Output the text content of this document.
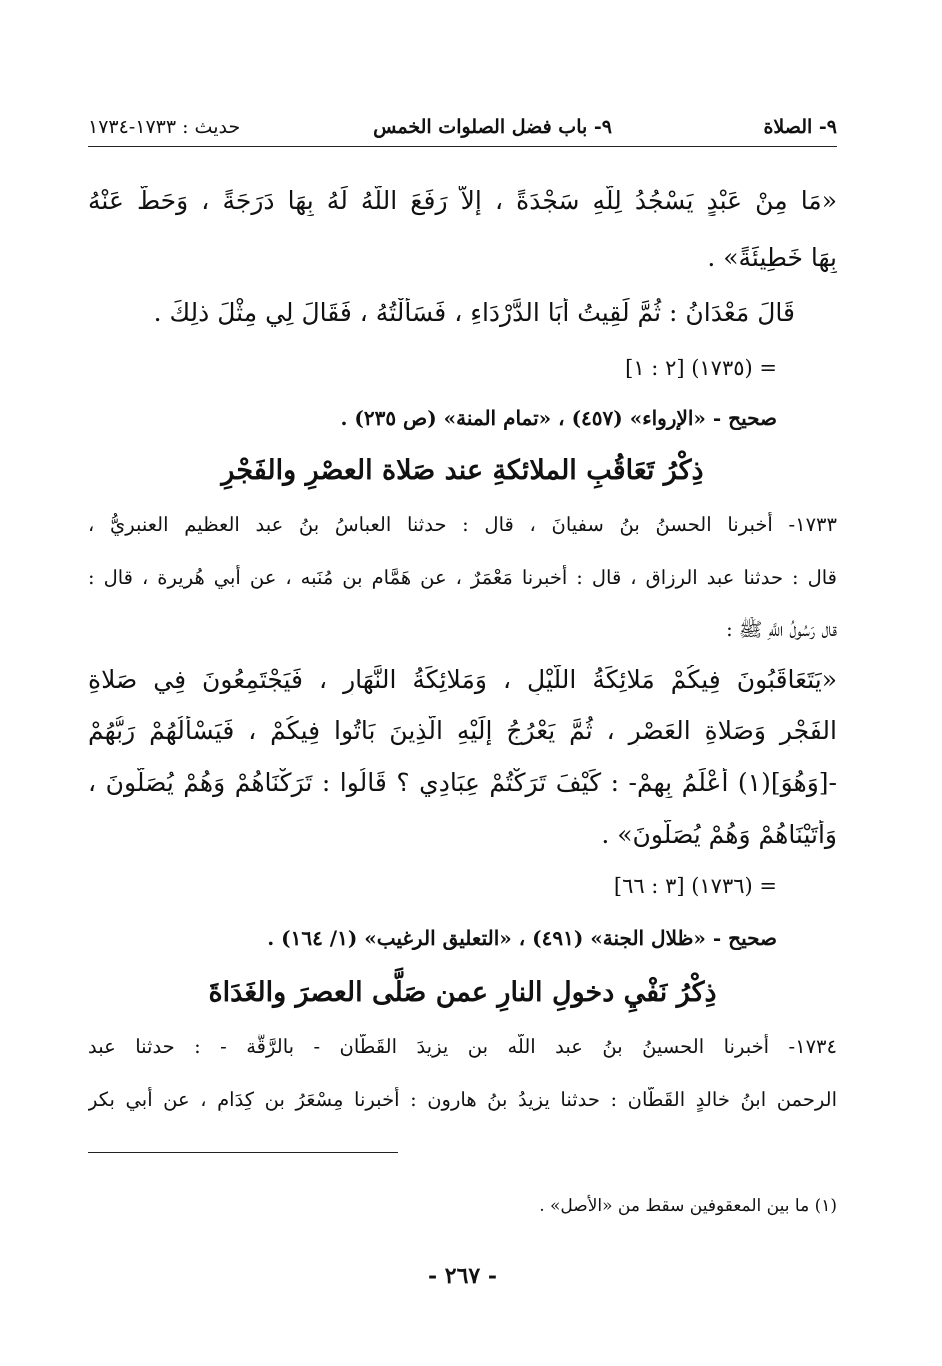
٩- الصلاة
٩- باب فضل الصلوات الخمس
حديث : ١٧٣٣-١٧٣٤
«مَا مِنْ عَبْدٍ يَسْجُدُ لِلَّهِ سَجْدَةً ، إِلاَّ رَفَعَ اللَّهُ لَهُ بِهَا دَرَجَةً ، وَحَطَّ عَنْهُ
بِهَا خَطِيئَةً» .
قَالَ مَعْدَانُ : ثُمَّ لَقِيتُ أَبَا الدَّرْدَاءِ ، فَسَأَلْتُهُ ، فَقَالَ لِي مِثْلَ ذلِكَ .
= (١٧٣٥) [٢ : ١]
صحيح - «الإرواء» (٤٥٧) ، «تمام المنة» (ص ٢٣٥) .
ذِكْرُ تَعَاقُبِ الملائكةِ عند صَلاة العصْرِ والفَجْرِ
١٧٣٣- أخبرنا الحسنُ بنُ سفيانَ ، قال : حدثنا العباسُ بنُ عبد العظيم العنبريُّ ،
قال : حدثنا عبد الرزاق ، قال : أخبرنا مَعْمَرٌ ، عن هَمَّامِ بنِ مُنَبه ، عن أبي هُريرة ، قال :
قال رَسُولُ اللَّهِ ﷺ :
«يَتَعَاقَبُونَ فِيكُمْ مَلائِكَةُ اللَّيْلِ ، وَمَلائِكَةُ النَّهَارِ ، فَيَجْتَمِعُونَ فِي صَلاةِ
الفَجْرِ وَصَلاةِ العَصْرِ ، ثُمَّ يَعْرُجُ إِلَيْهِ الَّذِينَ بَاتُوا فِيكُمْ ، فَيَسْأَلُهُمْ رَبُّهُمْ
-[وَهُوَ](١) أَعْلَمُ بِهِمْ- : كَيْفَ تَرَكْتُمْ عِبَادِي ؟ قَالُوا : تَرَكْنَاهُمْ وَهُمْ يُصَلُّونَ ،
وَأَتَيْنَاهُمْ وَهُمْ يُصَلُّونَ» .
= (١٧٣٦) [٣ : ٦٦]
صحيح - «ظلال الجنة» (٤٩١) ، «التعليق الرغيب» (١/ ١٦٤) .
ذِكْرُ نَفْيِ دخولِ النارِ عمن صَلَّى العصرَ والغَدَاةَ
١٧٣٤- أخبرنا الحسينُ بنُ عبد اللَّه بن يزيدَ القَطَّان - بالرَّقَّة - : حدثنا عبد
الرحمن ابنُ خالدٍ القَطَّان : حدثنا يزيدُ بنُ هارون : أخبرنا مِسْعَرُ بن كِدَامٍ ، عن أبي بكر
(١) ما بين المعقوفين سقط من «الأصل» .
- ٢٦٧ -
